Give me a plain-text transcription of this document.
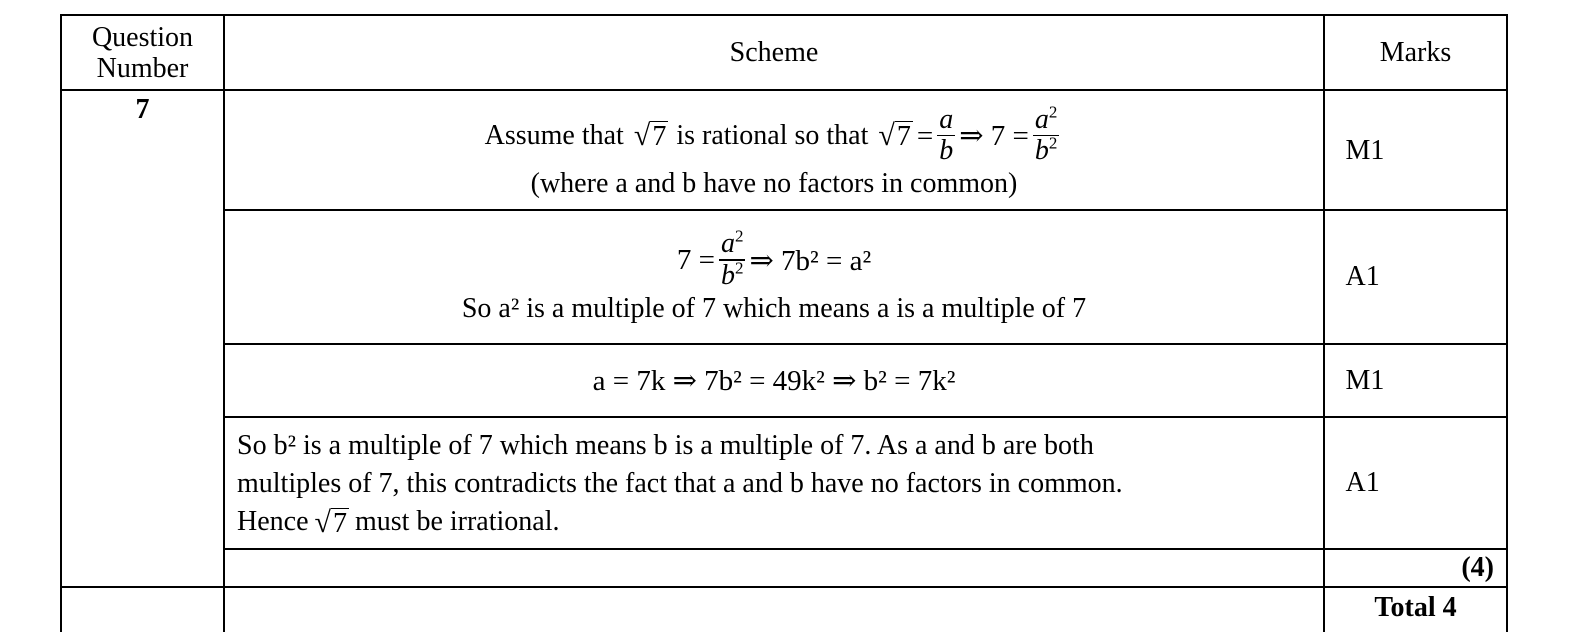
Question Number
Scheme	Marks
7
Assume that √ 7 is rational so that √ $7 = \frac{a}{b}$ ⇒ $7 = \frac{a^2}{b^2}$
(where a and b have no factors in common)
M1
$7 = \frac{a^2}{b^2}$ ⇒ 7b² = a²
So a² is a multiple of 7 which means a is a multiple of 7
A1
a = 7k ⇒ 7b² = 49k² ⇒ b² = 7k²	M1
So b² is a multiple of 7 which means b is a multiple of 7. As a and b are both
multiples of 7, this contradicts the fact that a and b have no factors in common.
Hence √ 7 must be irrational.
A1
(4)
Total 4
